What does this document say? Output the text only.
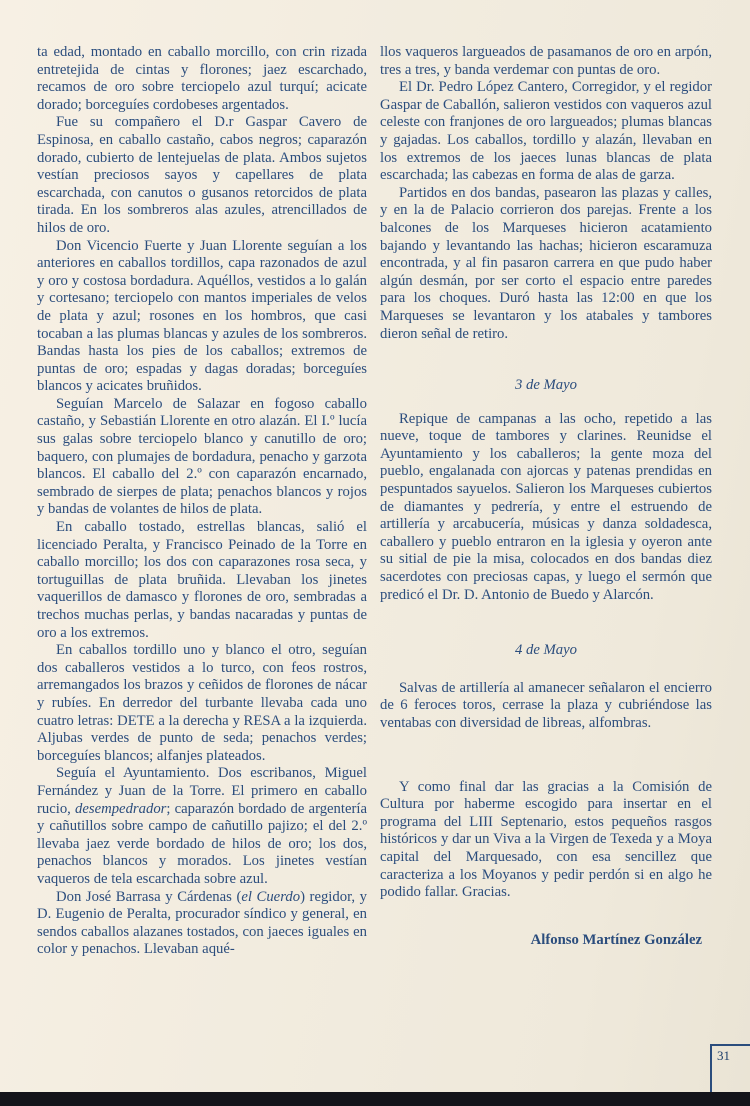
ta edad, montado en caballo morcillo, con crin rizada entretejida de cintas y florones; jaez escarchado, recamos de oro sobre terciopelo azul turquí; acicate dorado; borceguíes cordobeses argentados.

Fue su compañero el D.r Gaspar Cavero de Espinosa, en caballo castaño, cabos negros; caparazón dorado, cubierto de lentejuelas de plata. Ambos sujetos vestían preciosos sayos y capellares de plata escarchada, con canutos o gusanos retorcidos de plata tirada. En los sombreros alas azules, atrencillados de hilos de oro.

Don Vicencio Fuerte y Juan Llorente seguían a los anteriores en caballos tordillos, capa razonados de azul y oro y costosa bordadura. Aquéllos, vestidos a lo galán y cortesano; terciopelo con mantos imperiales de velos de plata y azul; rosones en los hombros, que casi tocaban a las plumas blancas y azules de los sombreros. Bandas hasta los pies de los caballos; extremos de puntas de oro; espadas y dagas doradas; borceguíes blancos y acicates bruñidos.

Seguían Marcelo de Salazar en fogoso caballo castaño, y Sebastián Llorente en otro alazán. El I.º lucía sus galas sobre terciopelo blanco y canutillo de oro; baquero, con plumajes de bordadura, penacho y garzota blancos. El caballo del 2.º con caparazón encarnado, sembrado de sierpes de plata; penachos blancos y rojos y bandas de volantes de hilos de plata.

En caballo tostado, estrellas blancas, salió el licenciado Peralta, y Francisco Peinado de la Torre en caballo morcillo; los dos con caparazones rosa seca, y tortuguillas de plata bruñida. Llevaban los jinetes vaquerillos de damasco y florones de oro, sembradas a trechos muchas perlas, y bandas nacaradas y puntas de oro a los extremos.

En caballos tordillo uno y blanco el otro, seguían dos caballeros vestidos a lo turco, con feos rostros, arremangados los brazos y ceñidos de florones de nácar y rubíes. En derredor del turbante llevaba cada uno cuatro letras: DETE a la derecha y RESA a la izquierda. Aljubas verdes de punto de seda; penachos verdes; borceguíes blancos; alfanjes plateados.

Seguía el Ayuntamiento. Dos escribanos, Miguel Fernández y Juan de la Torre. El primero en caballo rucio, desempedrador; caparazón bordado de argentería y cañutillos sobre campo de cañutillo pajizo; el del 2.º llevaba jaez verde bordado de hilos de oro; los dos, penachos blancos y morados. Los jinetes vestían vaqueros de tela escarchada sobre azul.

Don José Barrasa y Cárdenas (el Cuerdo) regidor, y D. Eugenio de Peralta, procurador síndico y general, en sendos caballos alazanes tostados, con jaeces iguales en color y penachos. Llevaban aqué-

llos vaqueros largueados de pasamanos de oro en arpón, tres a tres, y banda verdemar con puntas de oro.

El Dr. Pedro López Cantero, Corregidor, y el regidor Gaspar de Caballón, salieron vestidos con vaqueros azul celeste con franjones de oro largueados; plumas blancas y gajadas. Los caballos, tordillo y alazán, llevaban en los extremos de los jaeces lunas blancas de plata escarchada; las cabezas en forma de alas de garza.

Partidos en dos bandas, pasearon las plazas y calles, y en la de Palacio corrieron dos parejas. Frente a los balcones de los Marqueses hicieron acatamiento bajando y levantando las hachas; hicieron escaramuza encontrada, y al fin pasaron carrera en que pudo haber algún desmán, por ser corto el espacio entre paredes para los choques. Duró hasta las 12:00 en que los Marqueses se levantaron y los atabales y tambores dieron señal de retiro.

3 de Mayo

Repique de campanas a las ocho, repetido a las nueve, toque de tambores y clarines. Reunidse el Ayuntamiento y los caballeros; la gente moza del pueblo, engalanada con ajorcas y patenas prendidas en pespuntados sayuelos. Salieron los Marqueses cubiertos de diamantes y pedrería, y entre el estruendo de artillería y arcabucería, músicas y danza soldadesca, caballero y pueblo entraron en la iglesia y oyeron ante su sitial de pie la misa, colocados en dos bandas diez sacerdotes con preciosas capas, y luego el sermón que predicó el Dr. D. Antonio de Buedo y Alarcón.

4 de Mayo

Salvas de artillería al amanecer señalaron el encierro de 6 feroces toros, cerrase la plaza y cubriéndose las ventabas con diversidad de libreas, alfombras.

Y como final dar las gracias a la Comisión de Cultura por haberme escogido para insertar en el programa del LIII Septenario, estos pequeños rasgos históricos y dar un Viva a la Virgen de Texeda y a Moya capital del Marquesado, con esa sencillez que caracteriza a los Moyanos y pedir perdón si en algo he podido fallar. Gracias.

Alfonso Martínez González

31
